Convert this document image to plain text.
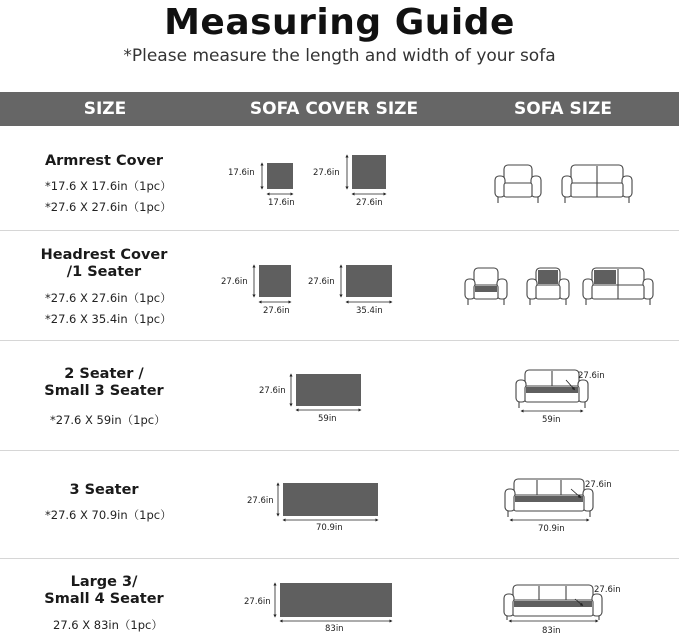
Measuring Guide
*Please measure the length and width of your sofa
SIZE	SOFA COVER SIZE	SOFA SIZE
Armrest Cover
*17.6 X 17.6in（1pc）
*27.6 X 27.6in（1pc）
Headrest Cover
/1 Seater
*27.6 X 27.6in（1pc）
*27.6 X 35.4in（1pc）
2 Seater /
Small 3 Seater
*27.6 X 59in（1pc）
3 Seater
*27.6 X 70.9in（1pc）
Large 3/
Small 4 Seater
27.6 X 83in（1pc）
17.6in
17.6in
27.6in
27.6in
27.6in
27.6in
27.6in
35.4in
27.6in
59in
27.6in
70.9in
27.6in
83in
27.6in
59in
27.6in
70.9in
27.6in
83in
